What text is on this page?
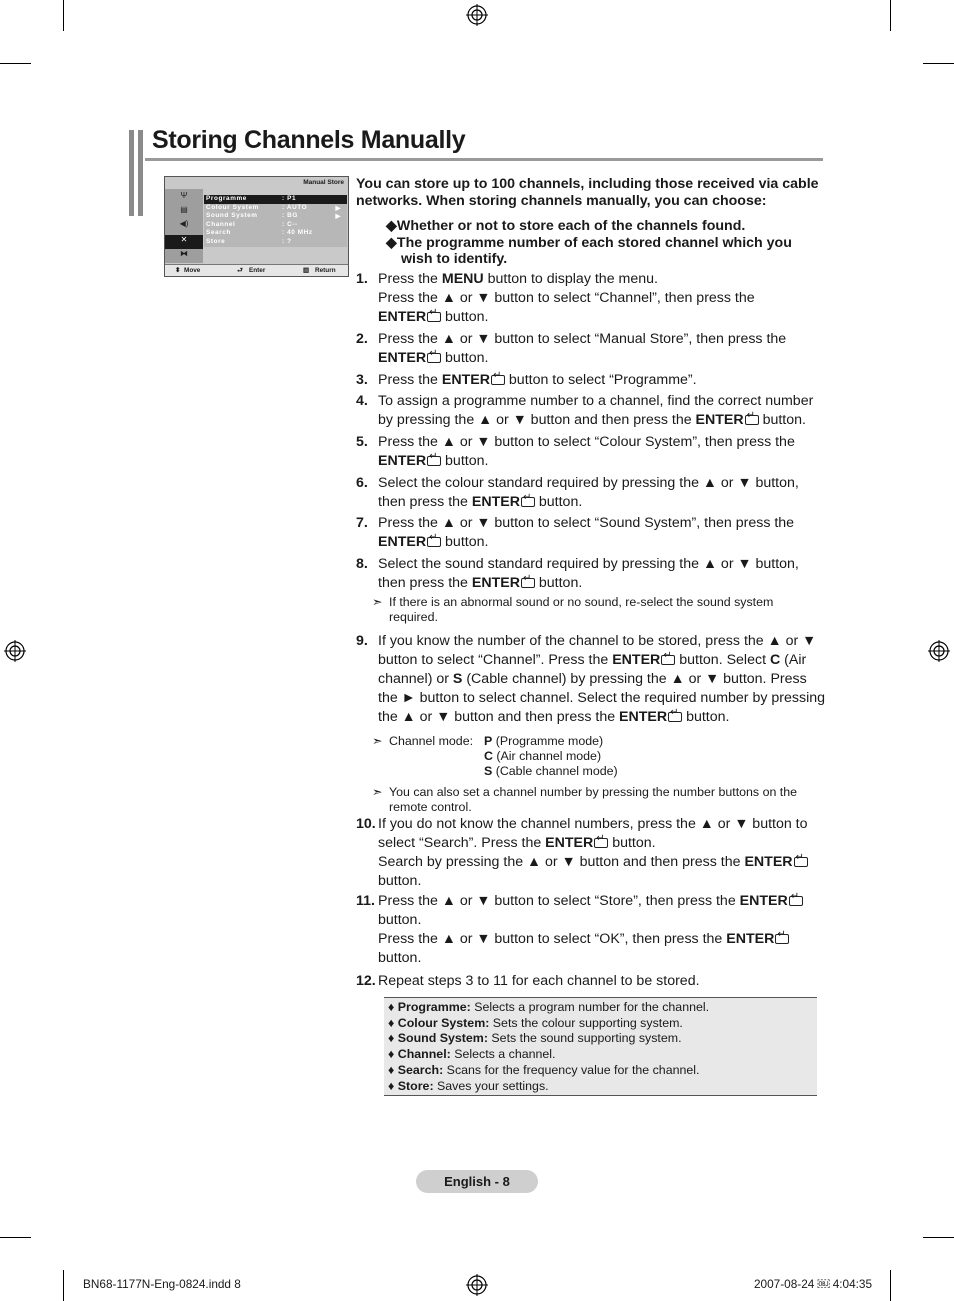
Storing Channels Manually
Manual Store
Ψ
▤
◀)
✕
⧓
Programme	: P1
Colour System	: AUTO	▶
Sound System	: BG	▶
Channel	: C--
Search	: 40 MHz
Store	: ?
⬍ Move	⮐ Enter	▥ Return
You can store up to 100 channels, including those received via cable networks. When storing channels manually, you can choose:
◆Whether or not to store each of the channels found.
◆The programme number of each stored channel which you wish to identify.
1. Press the MENU button to display the menu.
Press the ▲ or ▼ button to select “Channel”, then press the
ENTER↵ button.
2. Press the ▲ or ▼ button to select “Manual Store”, then press the
ENTER↵ button.
3. Press the ENTER↵ button to select “Programme”.
4. To assign a programme number to a channel, find the correct number by pressing the ▲ or ▼ button and then press the ENTER↵ button.
5. Press the ▲ or ▼ button to select “Colour System”, then press the
ENTER↵ button.
6. Select the colour standard required by pressing the ▲ or ▼ button, then press the ENTER↵ button.
7. Press the ▲ or ▼ button to select “Sound System”, then press the
ENTER↵ button.
8. Select the sound standard required by pressing the ▲ or ▼ button, then press the ENTER↵ button.
➣ If there is an abnormal sound or no sound, re-select the sound system required.
9. If you know the number of the channel to be stored, press the ▲ or ▼ button to select “Channel”. Press the ENTER↵ button. Select C (Air channel) or S (Cable channel) by pressing the ▲ or ▼ button. Press the ► button to select channel. Select the required number by pressing the ▲ or ▼ button and then press the ENTER↵ button.
➣ Channel mode: P (Programme mode)
C (Air channel mode)
S (Cable channel mode)
➣ You can also set a channel number by pressing the number buttons on the remote control.
10. If you do not know the channel numbers, press the ▲ or ▼ button to select “Search”. Press the ENTER↵ button.
Search by pressing the ▲ or ▼ button and then press the ENTER↵
button.
11. Press the ▲ or ▼ button to select “Store”, then press the ENTER↵
button.
Press the ▲ or ▼ button to select “OK”, then press the ENTER↵
button.
12. Repeat steps 3 to 11 for each channel to be stored.
♦ Programme: Selects a program number for the channel.
♦ Colour System: Sets the colour supporting system.
♦ Sound System: Sets the sound supporting system.
♦ Channel: Selects a channel.
♦ Search: Scans for the frequency value for the channel.
♦ Store: Saves your settings.
English - 8
BN68-1177N-Eng-0824.indd 8	2007-08-24 ￼ 4:04:35
